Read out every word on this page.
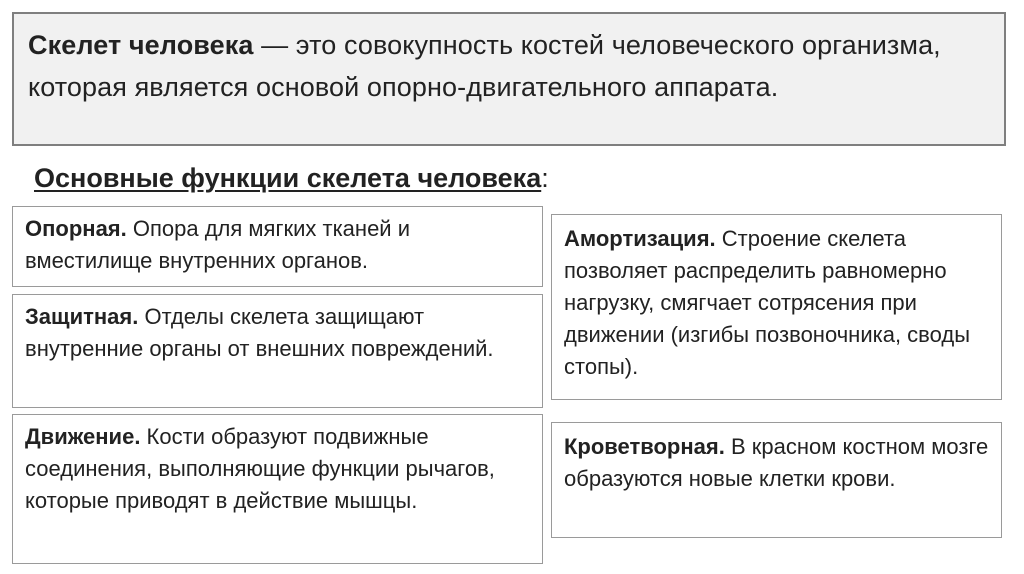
Скелет человека — это совокупность костей человеческого организма, которая является основой опорно-двигательного аппарата.
Основные функции скелета человека:
Опорная. Опора для мягких тканей и вместилище внутренних органов.
Защитная. Отделы скелета защищают внутренние органы от внешних повреждений.
Движение. Кости образуют подвижные соединения, выполняющие функции рычагов, которые приводят в действие мышцы.
Амортизация. Строение скелета позволяет распределить равномерно нагрузку, смягчает сотрясения при движении (изгибы позвоночника, своды стопы).
Кроветворная. В красном костном мозге образуются новые клетки крови.
